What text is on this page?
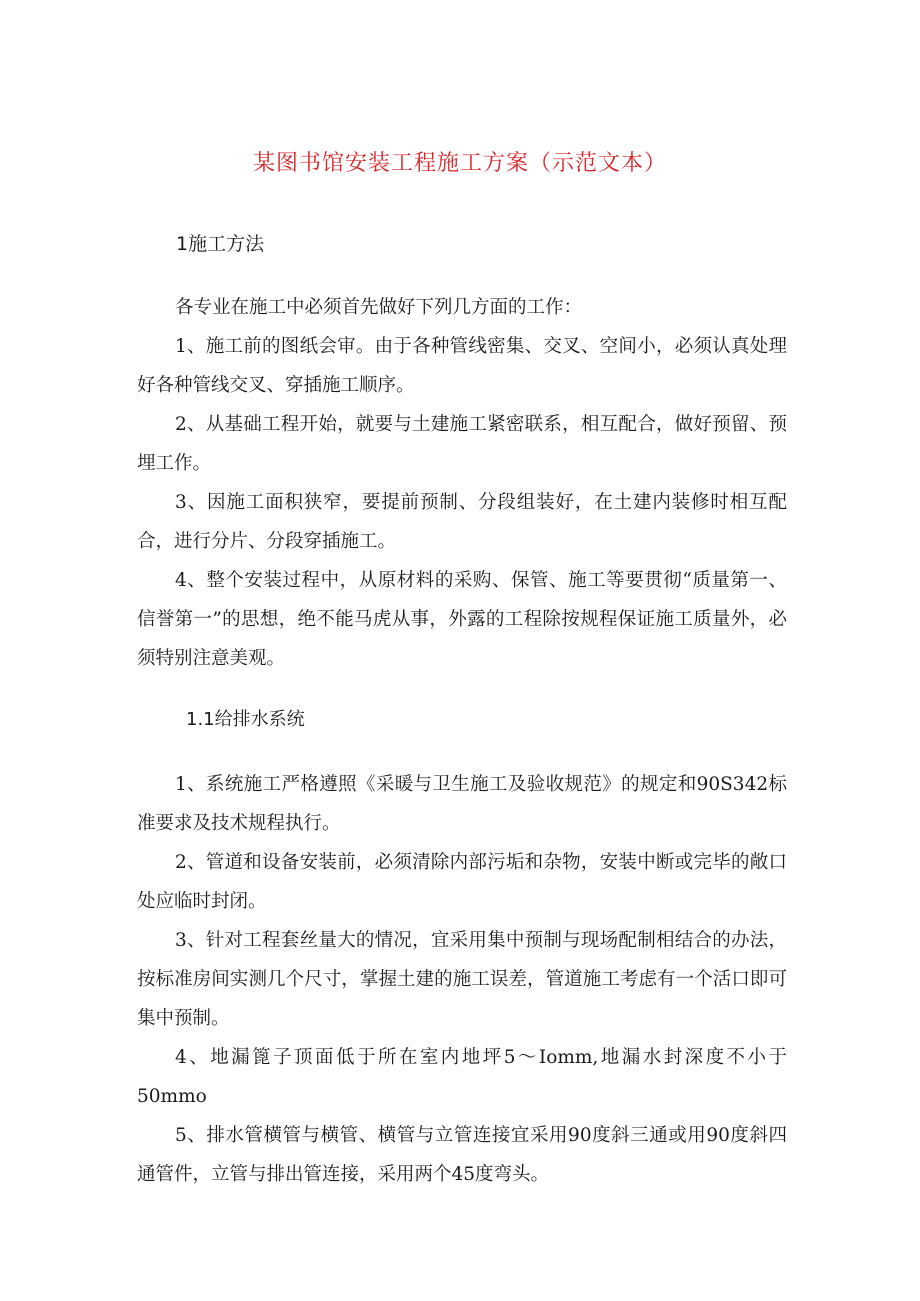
某图书馆安装工程施工方案（示范文本）
1施工方法

各专业在施工中必须首先做好下列几方面的工作：

1、施工前的图纸会审。由于各种管线密集、交叉、空间小，必须认真处理好各种管线交叉、穿插施工顺序。

2、从基础工程开始，就要与土建施工紧密联系，相互配合，做好预留、预埋工作。

3、因施工面积狭窄，要提前预制、分段组装好，在土建内装修时相互配合，进行分片、分段穿插施工。

4、整个安装过程中，从原材料的采购、保管、施工等要贯彻“质量第一、信誉第一”的思想，绝不能马虎从事，外露的工程除按规程保证施工质量外，必须特别注意美观。

1.1给排水系统

1、系统施工严格遵照《采暖与卫生施工及验收规范》的规定和90S342标准要求及技术规程执行。

2、管道和设备安装前，必须清除内部污垢和杂物，安装中断或完毕的敞口处应临时封闭。

3、针对工程套丝量大的情况，宜采用集中预制与现场配制相结合的办法，按标准房间实测几个尺寸，掌握土建的施工误差，管道施工考虑有一个活口即可集中预制。

4、地漏篦子顶面低于所在室内地坪5～Iomm,地漏水封深度不小于50mmo

5、排水管横管与横管、横管与立管连接宜采用90度斜三通或用90度斜四通管件，立管与排出管连接，采用两个45度弯头。
